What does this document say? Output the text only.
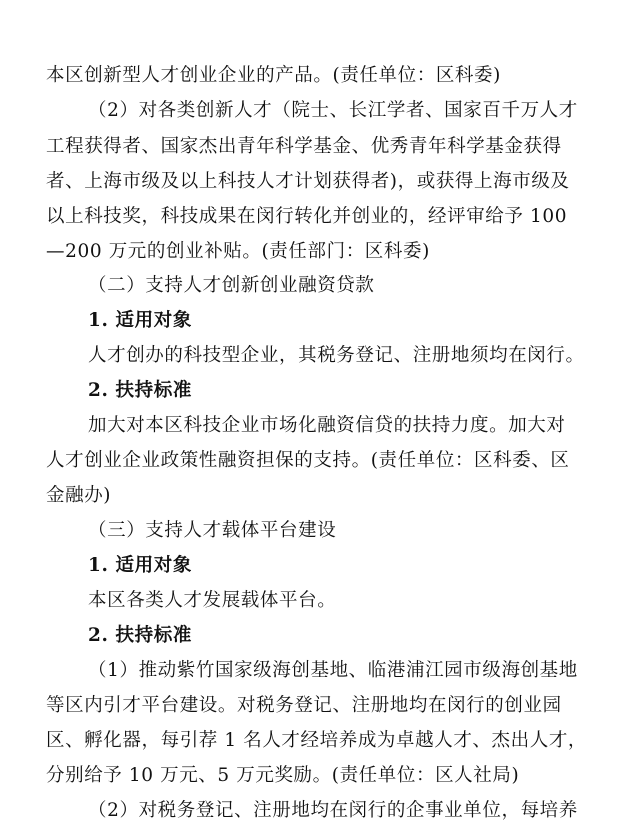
本区创新型人才创业企业的产品。(责任单位：区科委)
（2）对各类创新人才（院士、长江学者、国家百千万人才
工程获得者、国家杰出青年科学基金、优秀青年科学基金获得
者、上海市级及以上科技人才计划获得者)，或获得上海市级及
以上科技奖，科技成果在闵行转化并创业的，经评审给予 100
—200 万元的创业补贴。(责任部门：区科委)
（二）支持人才创新创业融资贷款
1. 适用对象
人才创办的科技型企业，其税务登记、注册地须均在闵行。
2. 扶持标准
加大对本区科技企业市场化融资信贷的扶持力度。加大对
人才创业企业政策性融资担保的支持。(责任单位：区科委、区
金融办)
（三）支持人才载体平台建设
1. 适用对象
本区各类人才发展载体平台。
2. 扶持标准
（1）推动紫竹国家级海创基地、临港浦江园市级海创基地
等区内引才平台建设。对税务登记、注册地均在闵行的创业园
区、孵化器，每引荐 1 名人才经培养成为卓越人才、杰出人才，
分别给予 10 万元、5 万元奖励。(责任单位：区人社局)
（2）对税务登记、注册地均在闵行的企事业单位，每培养
